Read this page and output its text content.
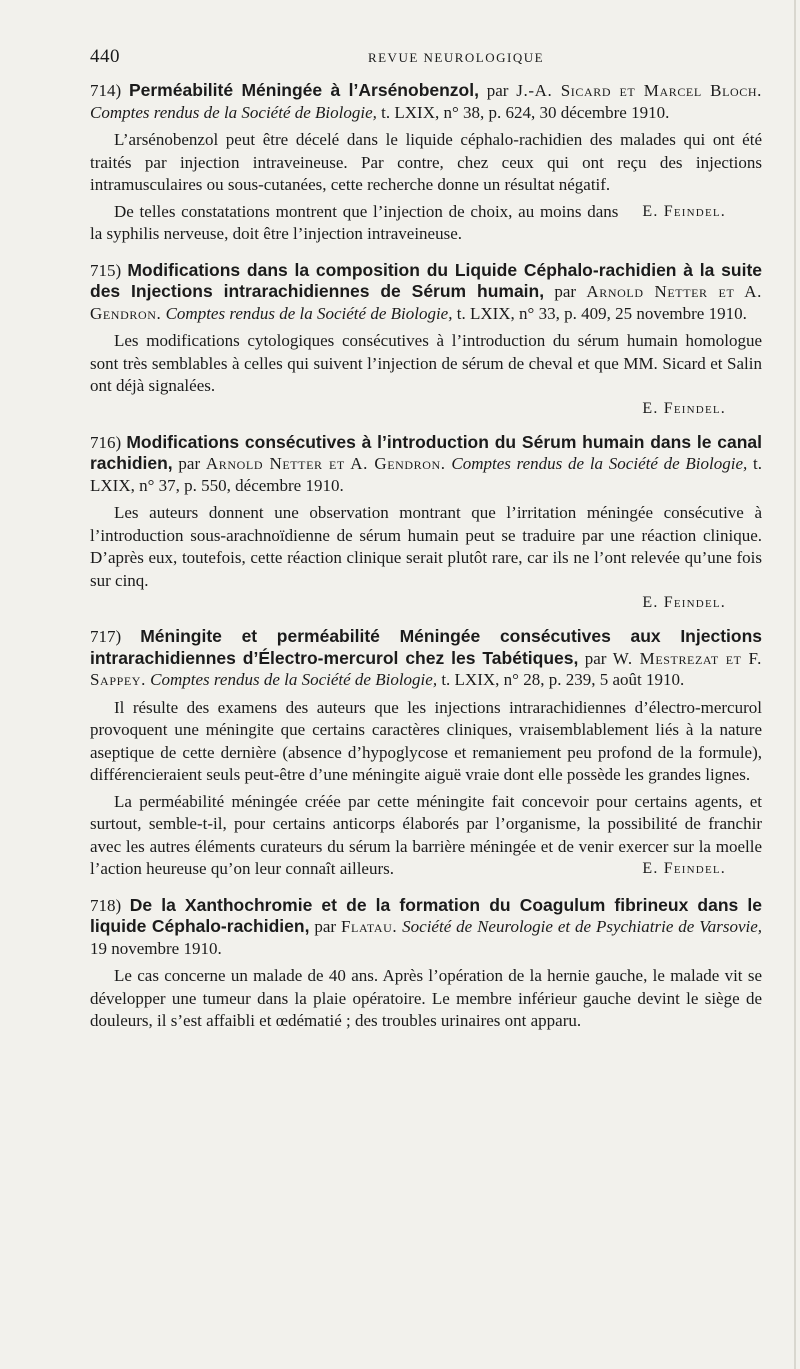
440	REVUE NEUROLOGIQUE
714) Perméabilité Méningée à l’Arsénobenzol, par J.-A. Sicard et Marcel Bloch. Comptes rendus de la Société de Biologie, t. LXIX, n° 38, p. 624, 30 décembre 1910.

L’arsénobenzol peut être décelé dans le liquide céphalo-rachidien des malades qui ont été traités par injection intraveineuse. Par contre, chez ceux qui ont reçu des injections intramusculaires ou sous-cutanées, cette recherche donne un résultat négatif.

E. Feindel.
De telles constatations montrent que l’injection de choix, au moins dans la syphilis nerveuse, doit être l’injection intraveineuse.

715) Modifications dans la composition du Liquide Céphalo-rachidien à la suite des Injections intrarachidiennes de Sérum humain, par Arnold Netter et A. Gendron. Comptes rendus de la Société de Biologie, t. LXIX, n° 33, p. 409, 25 novembre 1910.

Les modifications cytologiques consécutives à l’introduction du sérum humain homologue sont très semblables à celles qui suivent l’injection de sérum de cheval et que MM. Sicard et Salin ont déjà signalées.

E. Feindel.
716) Modifications consécutives à l’introduction du Sérum humain dans le canal rachidien, par Arnold Netter et A. Gendron. Comptes rendus de la Société de Biologie, t. LXIX, n° 37, p. 550, décembre 1910.

Les auteurs donnent une observation montrant que l’irritation méningée consécutive à l’introduction sous-arachnoïdienne de sérum humain peut se traduire par une réaction clinique. D’après eux, toutefois, cette réaction clinique serait plutôt rare, car ils ne l’ont relevée qu’une fois sur cinq.

E. Feindel.
717) Méningite et perméabilité Méningée consécutives aux Injections intrarachidiennes d’Électro-mercurol chez les Tabétiques, par W. Mestrezat et F. Sappey. Comptes rendus de la Société de Biologie, t. LXIX, n° 28, p. 239, 5 août 1910.

Il résulte des examens des auteurs que les injections intrarachidiennes d’électro-mercurol provoquent une méningite que certains caractères cliniques, vraisemblablement liés à la nature aseptique de cette dernière (absence d’hypoglycose et remaniement peu profond de la formule), différencieraient seuls peut-être d’une méningite aiguë vraie dont elle possède les grandes lignes.

La perméabilité méningée créée par cette méningite fait concevoir pour certains agents, et surtout, semble-t-il, pour certains anticorps élaborés par l’organisme, la possibilité de franchir avec les autres éléments curateurs du sérum la barrière méningée et de venir exercer sur la moelle l’action heureuse qu’on leur connaît ailleurs.	E. Feindel.

718) De la Xanthochromie et de la formation du Coagulum fibrineux dans le liquide Céphalo-rachidien, par Flatau. Société de Neurologie et de Psychiatrie de Varsovie, 19 novembre 1910.

Le cas concerne un malade de 40 ans. Après l’opération de la hernie gauche, le malade vit se développer une tumeur dans la plaie opératoire. Le membre inférieur gauche devint le siège de douleurs, il s’est affaibli et œdématié ; des troubles urinaires ont apparu.
